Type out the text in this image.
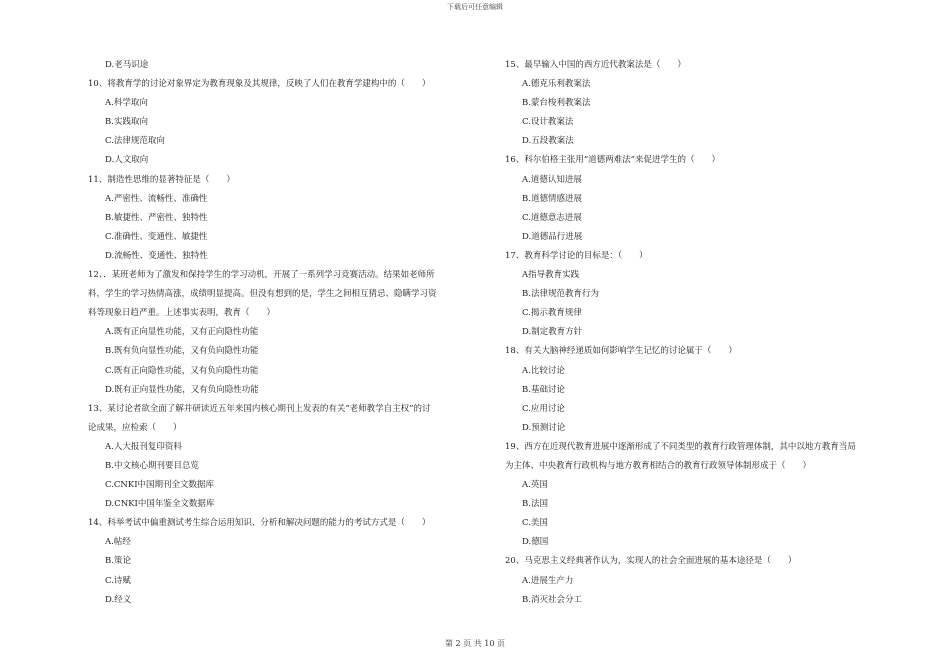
下载后可任意编辑
D.老马识途
10、将教育学的讨论对象界定为教育现象及其规律，反映了人们在教育学建构中的（　　）
A.科学取向
B.实践取向
C.法律规范取向
D.人文取向
11、制造性思维的显著特征是（　　）
A.严密性、流畅性、准确性
B.敏捷性、严密性、独特性
C.准确性、变通性、敏捷性
D.流畅性、变通性、独特性
12、．某班老师为了激发和保持学生的学习动机，开展了一系列学习竞赛活动。结果如老师所
料，学生的学习热情高涨，成绩明显提高。但没有想到的是，学生之间相互猜忌、隐瞒学习资
料等现象日趋严重。上述事实表明，教育（　　）
A.既有正向显性功能，又有正向隐性功能
B.既有负向显性功能，又有负向隐性功能
C.既有正向隐性功能，又有负向隐性功能
D.既有正向显性功能，又有负向隐性功能
13、某讨论者欲全面了解并研读近五年来国内核心期刊上发表的有关“老师教学自主权”的讨
论成果，应检索（　　）
A.人大报刊复印资料
B.中文核心期刊要目总览
C.CNKI中国期刊全文数据库
D.CNKI中国年鉴全文数据库
14、科举考试中偏重测试考生综合运用知识、分析和解决问题的能力的考试方式是（　　）
A.帖经
B.策论
C.诗赋
D.经义
15、最早输入中国的西方近代教案法是（　　）
A.德克乐利教案法
B.蒙台梭利教案法
C.设计教案法
D.五段教案法
16、科尔伯格主张用“道德两难法”来促进学生的（　　）
A.道德认知进展
B.道德情感进展
C.道德意志进展
D.道德品行进展
17、教育科学讨论的目标是：（　　）
A指导教育实践
B.法律规范教育行为
C.揭示教育规律
D.制定教育方针
18、有关大脑神经递质如何影响学生记忆的讨论属于（　　）
A.比较讨论
B.基础讨论
C.应用讨论
D.预测讨论
19、西方在近现代教育进展中逐渐形成了不同类型的教育行政管理体制，其中以地方教育当局
为主体、中央教育行政机构与地方教育相结合的教育行政领导体制形成于（　　）
A.英国
B.法国
C.美国
D.德国
20、马克思主义经典著作认为，实现人的社会全面进展的基本途径是（　　）
A.进展生产力
B.消灭社会分工
第 2 页 共 10 页
